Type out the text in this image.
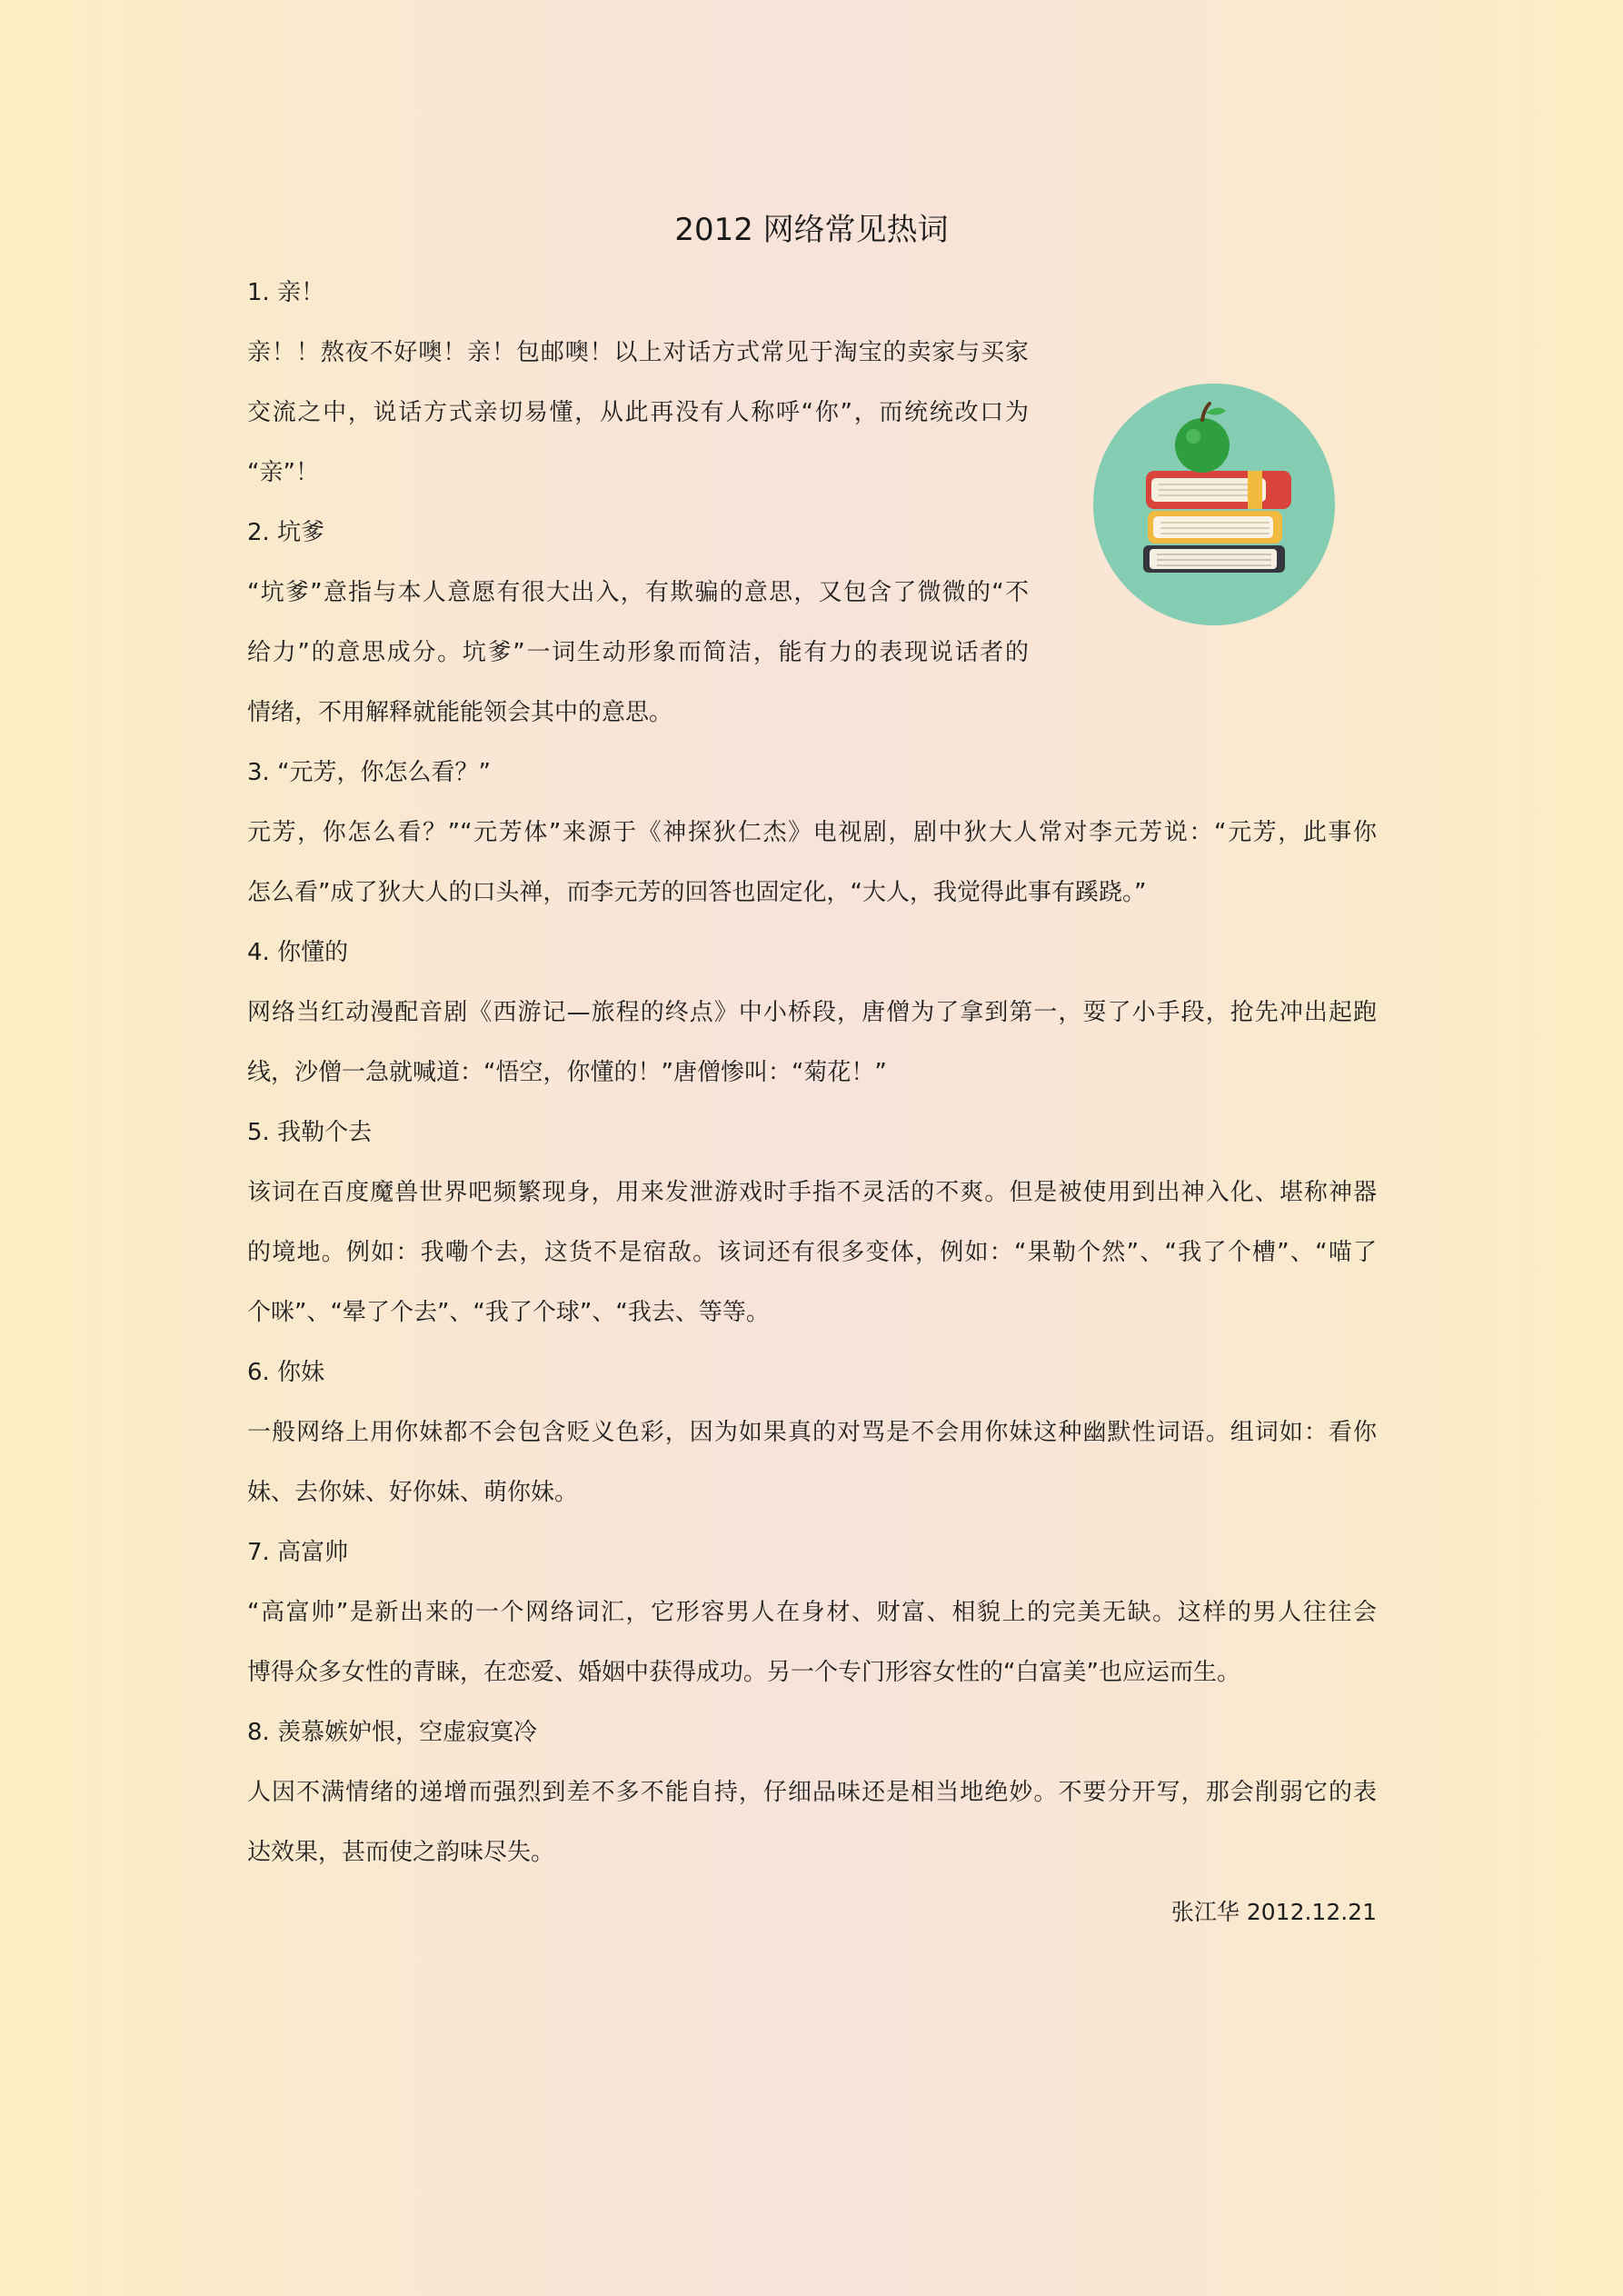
2012 网络常见热词
1. 亲！
亲！！熬夜不好噢！亲！包邮噢！以上对话方式常见于淘宝的卖家与买家
交流之中，说话方式亲切易懂，从此再没有人称呼“你”，而统统改口为
“亲”！
2. 坑爹
“坑爹”意指与本人意愿有很大出入，有欺骗的意思，又包含了微微的“不
给力”的意思成分。坑爹”一词生动形象而简洁，能有力的表现说话者的
情绪，不用解释就能能领会其中的意思。
3. “元芳，你怎么看？”
元芳，你怎么看？”“元芳体”来源于《神探狄仁杰》电视剧，剧中狄大人常对李元芳说：“元芳，此事你
怎么看”成了狄大人的口头禅，而李元芳的回答也固定化，“大人，我觉得此事有蹊跷。”
4. 你懂的
网络当红动漫配音剧《西游记—旅程的终点》中小桥段，唐僧为了拿到第一，耍了小手段，抢先冲出起跑
线，沙僧一急就喊道：“悟空，你懂的！”唐僧惨叫：“菊花！”
5. 我勒个去
该词在百度魔兽世界吧频繁现身，用来发泄游戏时手指不灵活的不爽。但是被使用到出神入化、堪称神器
的境地。例如：我嘞个去，这货不是宿敌。该词还有很多变体，例如：“果勒个然”、“我了个槽”、“喵了
个咪”、“晕了个去”、“我了个球”、“我去、等等。
6. 你妹
一般网络上用你妹都不会包含贬义色彩，因为如果真的对骂是不会用你妹这种幽默性词语。组词如：看你
妹、去你妹、好你妹、萌你妹。
7. 高富帅
“高富帅”是新出来的一个网络词汇，它形容男人在身材、财富、相貌上的完美无缺。这样的男人往往会
博得众多女性的青睐，在恋爱、婚姻中获得成功。另一个专门形容女性的“白富美”也应运而生。
8. 羡慕嫉妒恨，空虚寂寞冷
人因不满情绪的递增而强烈到差不多不能自持，仔细品味还是相当地绝妙。不要分开写，那会削弱它的表
达效果，甚而使之韵味尽失。
张江华 2012.12.21
